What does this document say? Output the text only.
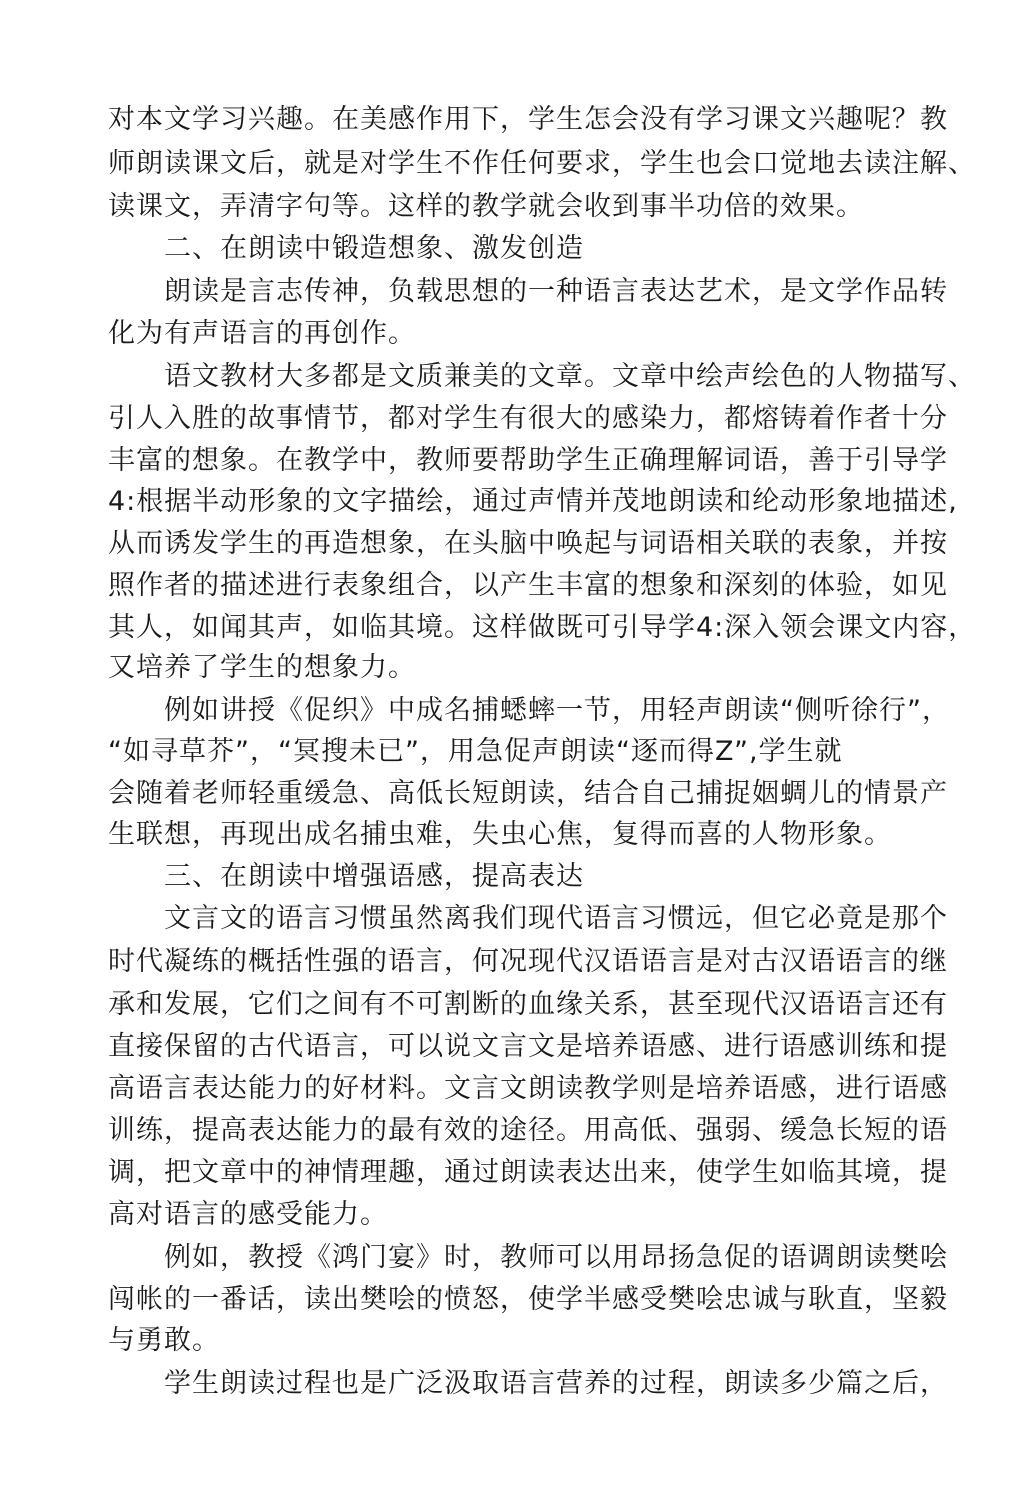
对本文学习兴趣。在美感作用下，学生怎会没有学习课文兴趣呢？教
师朗读课文后，就是对学生不作任何要求，学生也会口觉地去读注解、
读课文，弄清字句等。这样的教学就会收到事半功倍的效果。
二、在朗读中锻造想象、激发创造
朗读是言志传神，负载思想的一种语言表达艺术，是文学作品转
化为有声语言的再创作。
语文教材大多都是文质兼美的文章。文章中绘声绘色的人物描写、
引人入胜的故事情节，都对学生有很大的感染力，都熔铸着作者十分
丰富的想象。在教学中，教师要帮助学生正确理解词语，善于引导学
4:根据半动形象的文字描绘，通过声情并茂地朗读和纶动形象地描述,
从而诱发学生的再造想象，在头脑中唤起与词语相关联的表象，并按
照作者的描述进行表象组合，以产生丰富的想象和深刻的体验，如见
其人，如闻其声，如临其境。这样做既可引导学4:深入领会课文内容，
又培养了学生的想象力。
例如讲授《促织》中成名捕蟋蟀一节，用轻声朗读“侧听徐行”，
“如寻草芥”，“冥搜未已”，用急促声朗读“逐而得Z”,学生就
会随着老师轻重缓急、高低长短朗读，结合自己捕捉姻蜩儿的情景产
生联想，再现出成名捕虫难，失虫心焦，复得而喜的人物形象。
三、在朗读中增强语感，提高表达
文言文的语言习惯虽然离我们现代语言习惯远，但它必竟是那个
时代凝练的概括性强的语言，何况现代汉语语言是对古汉语语言的继
承和发展，它们之间有不可割断的血缘关系，甚至现代汉语语言还有
直接保留的古代语言，可以说文言文是培养语感、进行语感训练和提
高语言表达能力的好材料。文言文朗读教学则是培养语感，进行语感
训练，提高表达能力的最有效的途径。用高低、强弱、缓急长短的语
调，把文章中的神情理趣，通过朗读表达出来，使学生如临其境，提
高对语言的感受能力。
例如，教授《鸿门宴》时，教师可以用昂扬急促的语调朗读樊哙
闯帐的一番话，读出樊哙的愤怒，使学半感受樊哙忠诚与耿直，坚毅
与勇敢。
学生朗读过程也是广泛汲取语言营养的过程，朗读多少篇之后，
